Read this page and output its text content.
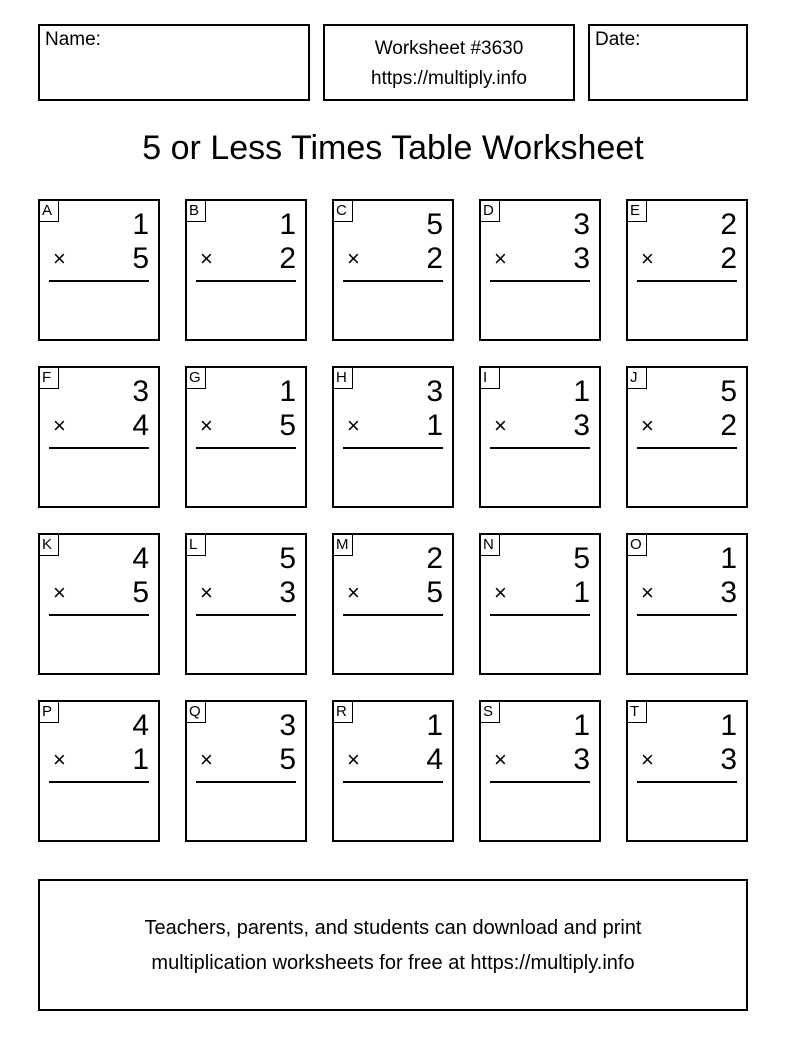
Name:	Worksheet #3630
https://multiply.info
Date:
5 or Less Times Table Worksheet
A	1
× 5
B	1
× 2
C	5
× 2
D	3
× 3
E	2
× 2
F	3
× 4
G	1
× 5
H	3
× 1
I	1
× 3
J	5
× 2
K	4
× 5
L	5
× 3
M	2
× 5
N	5
× 1
O	1
× 3
P	4
× 1
Q	3
× 5
R	1
× 4
S	1
× 3
T	1
× 3
Teachers, parents, and students can download and print
multiplication worksheets for free at https://multiply.info
